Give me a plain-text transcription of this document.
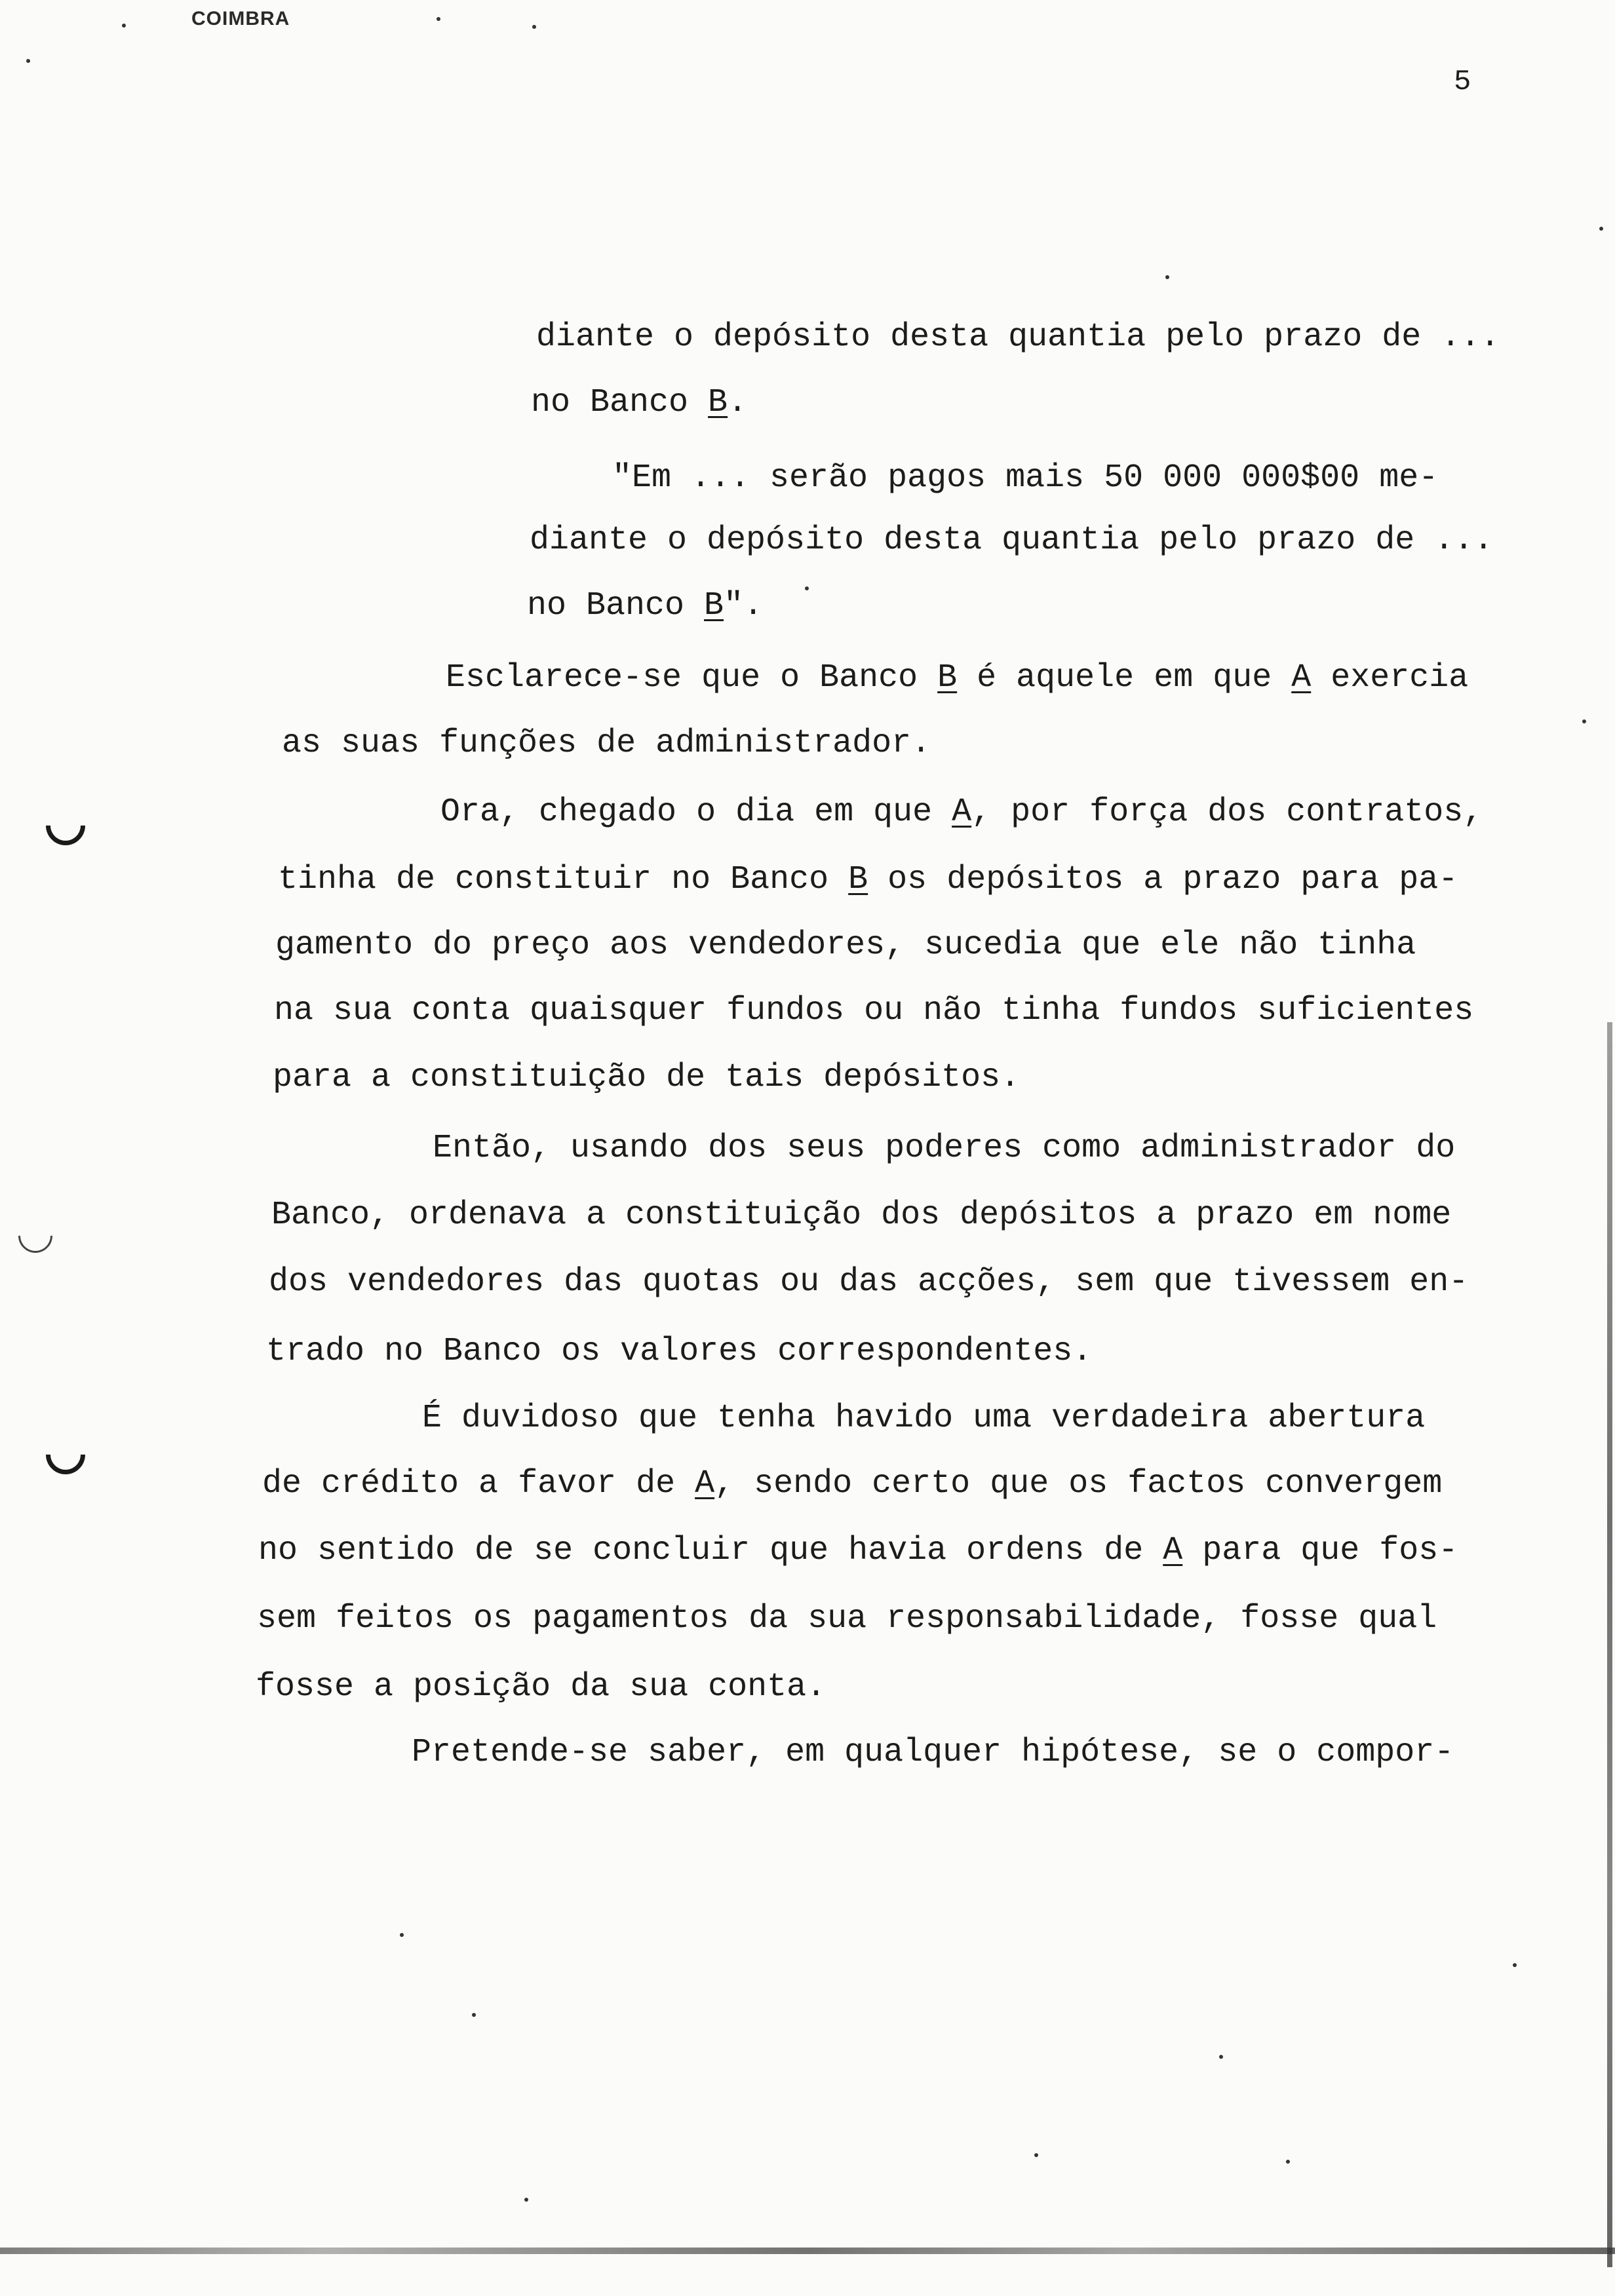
COIMBRA
5
diante o depósito desta quantia pelo prazo de ...
no Banco B.
"Em ... serão pagos mais 50 000 000$00 me-
diante o depósito desta quantia pelo prazo de ...
no Banco B".
Esclarece-se que o Banco B é aquele em que A exercia
as suas funções de administrador.
Ora, chegado o dia em que A, por força dos contratos,
tinha de constituir no Banco B os depósitos a prazo para pa-
gamento do preço aos vendedores, sucedia que ele não tinha
na sua conta quaisquer fundos ou não tinha fundos suficientes
para a constituição de tais depósitos.
Então, usando dos seus poderes como administrador do
Banco, ordenava a constituição dos depósitos a prazo em nome
dos vendedores das quotas ou das acções, sem que tivessem en-
trado no Banco os valores correspondentes.
É duvidoso que tenha havido uma verdadeira abertura
de crédito a favor de A, sendo certo que os factos convergem
no sentido de se concluir que havia ordens de A para que fos-
sem feitos os pagamentos da sua responsabilidade, fosse qual
fosse a posição da sua conta.
Pretende-se saber, em qualquer hipótese, se o compor-
